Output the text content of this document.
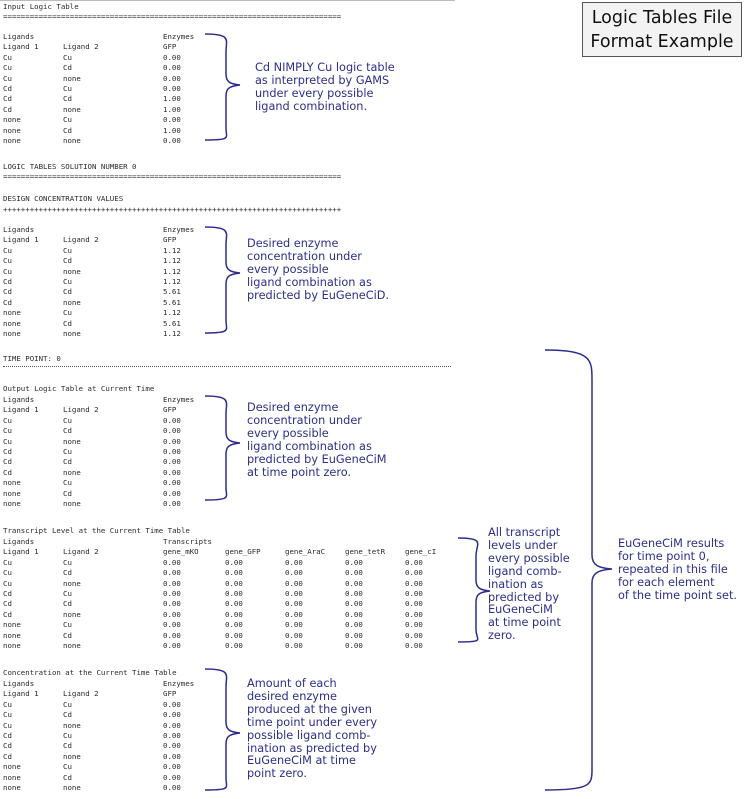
Logic Tables File
Format Example
Input Logic Table
============================================================================
Ligands	Enzymes
Ligand 1	Ligand 2	GFP
Cu	Cu	0.00
Cu	Cd	0.00
Cu	none	0.00
Cd	Cu	0.00
Cd	Cd	1.00
Cd	none	1.00
none	Cu	0.00
none	Cd	1.00
none	none	0.00
LOGIC TABLES SOLUTION NUMBER 0
============================================================================
DESIGN CONCENTRATION VALUES
++++++++++++++++++++++++++++++++++++++++++++++++++++++++++++++++++++++++++++
Ligands	Enzymes
Ligand 1	Ligand 2	GFP
Cu	Cu	1.12
Cu	Cd	1.12
Cu	none	1.12
Cd	Cu	1.12
Cd	Cd	5.61
Cd	none	5.61
none	Cu	1.12
none	Cd	5.61
none	none	1.12
TIME POINT: 0
Output Logic Table at Current Time
Ligands	Enzymes
Ligand 1	Ligand 2	GFP
Cu	Cu	0.00
Cu	Cd	0.00
Cu	none	0.00
Cd	Cu	0.00
Cd	Cd	0.00
Cd	none	0.00
none	Cu	0.00
none	Cd	0.00
none	none	0.00
Transcript Level at the Current Time Table
Ligands	Transcripts
Ligand 1	Ligand 2	gene_mKO	gene_GFP	gene_AraC	gene_tetR	gene_cI
Cu	Cu	0.00	0.00	0.00	0.00	0.00
Cu	Cd	0.00	0.00	0.00	0.00	0.00
Cu	none	0.00	0.00	0.00	0.00	0.00
Cd	Cu	0.00	0.00	0.00	0.00	0.00
Cd	Cd	0.00	0.00	0.00	0.00	0.00
Cd	none	0.00	0.00	0.00	0.00	0.00
none	Cu	0.00	0.00	0.00	0.00	0.00
none	Cd	0.00	0.00	0.00	0.00	0.00
none	none	0.00	0.00	0.00	0.00	0.00
Concentration at the Current Time Table
Ligands	Enzymes
Ligand 1	Ligand 2	GFP
Cu	Cu	0.00
Cu	Cd	0.00
Cu	none	0.00
Cd	Cu	0.00
Cd	Cd	0.00
Cd	none	0.00
none	Cu	0.00
none	Cd	0.00
none	none	0.00
Cd NIMPLY Cu logic table
as interpreted by GAMS
under every possible
ligand combination.
Desired enzyme
concentration under
every possible
ligand combination as
predicted by EuGeneCiD.
Desired enzyme
concentration under
every possible
ligand combination as
predicted by EuGeneCiM
at time point zero.
All transcript
levels under
every possible
ligand comb-
ination as
predicted by
EuGeneCiM
at time point
zero.
Amount of each
desired enzyme
produced at the given
time point under every
possible ligand comb-
ination as predicted by
EuGeneCiM at time
point zero.
EuGeneCiM results
for time point 0,
repeated in this file
for each element
of the time point set.
